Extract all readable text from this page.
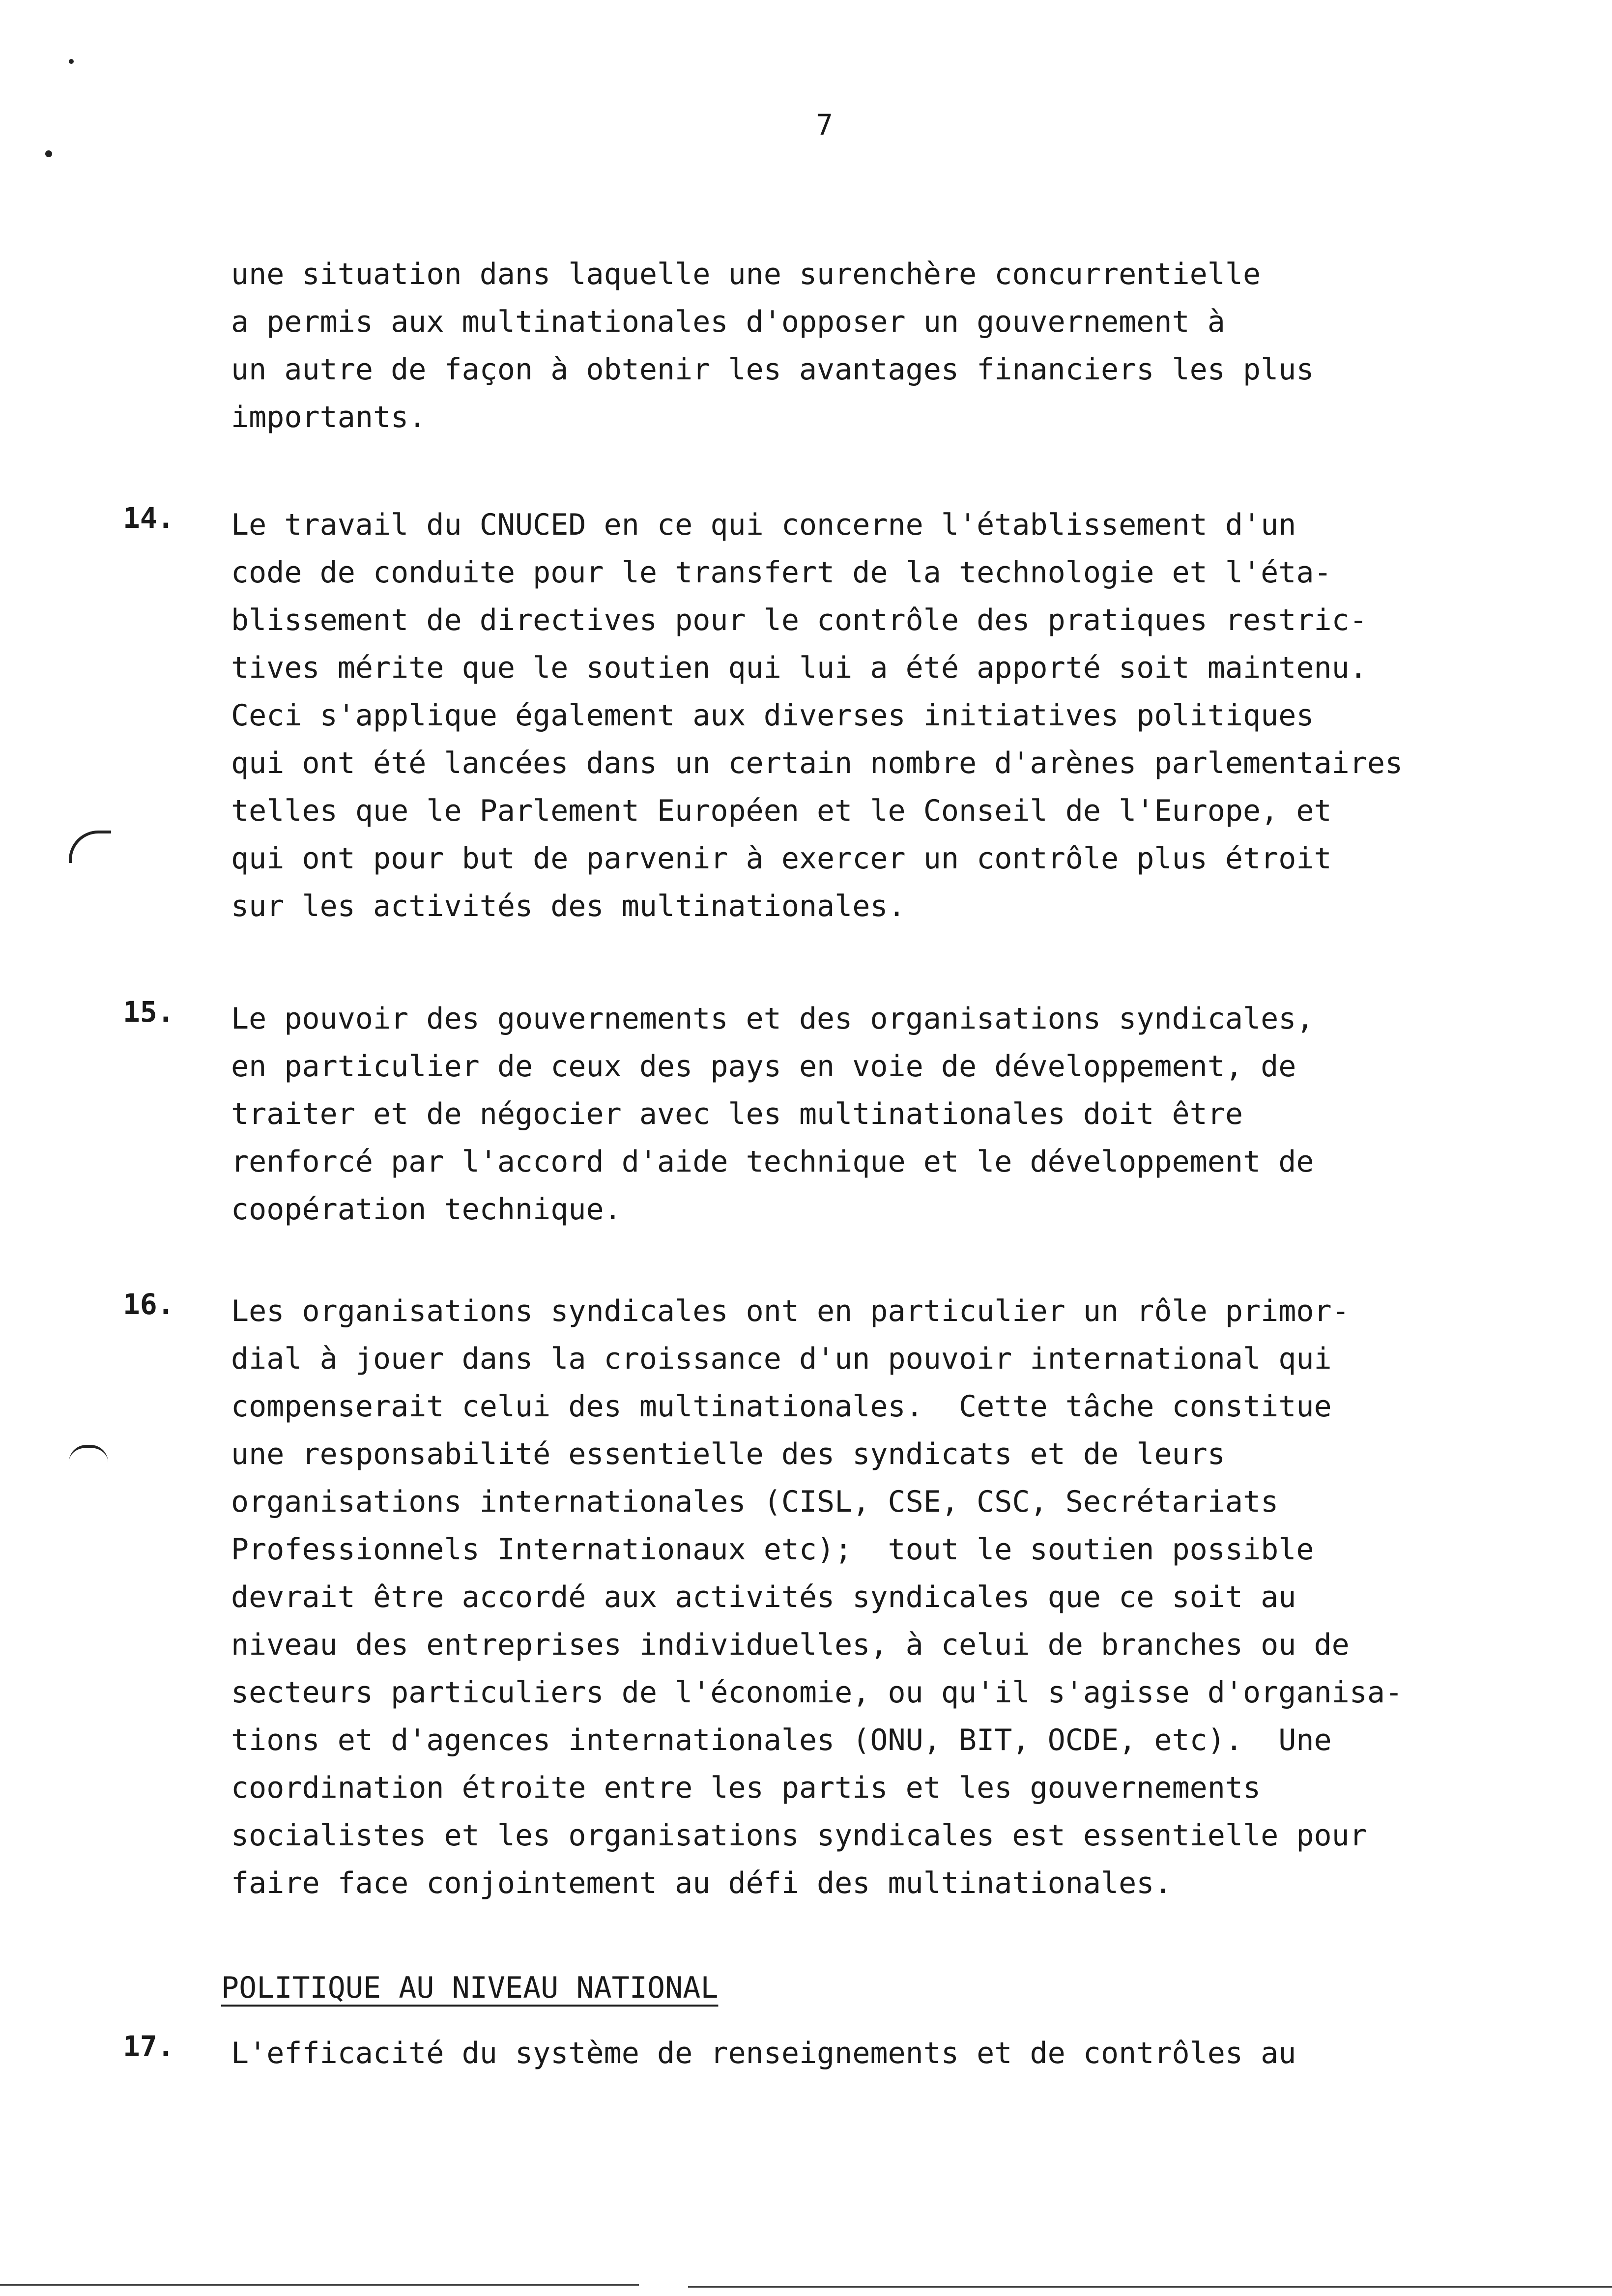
7
une situation dans laquelle une surenchère concurrentielle
a permis aux multinationales d'opposer un gouvernement à
un autre de façon à obtenir les avantages financiers les plus
importants.
14. Le travail du CNUCED en ce qui concerne l'établissement d'un
code de conduite pour le transfert de la technologie et l'éta-
blissement de directives pour le contrôle des pratiques restric-
tives mérite que le soutien qui lui a été apporté soit maintenu.
Ceci s'applique également aux diverses initiatives politiques
qui ont été lancées dans un certain nombre d'arènes parlementaires
telles que le Parlement Européen et le Conseil de l'Europe, et
qui ont pour but de parvenir à exercer un contrôle plus étroit
sur les activités des multinationales.
15. Le pouvoir des gouvernements et des organisations syndicales,
en particulier de ceux des pays en voie de développement, de
traiter et de négocier avec les multinationales doit être
renforcé par l'accord d'aide technique et le développement de
coopération technique.
16. Les organisations syndicales ont en particulier un rôle primor-
dial à jouer dans la croissance d'un pouvoir international qui
compenserait celui des multinationales.  Cette tâche constitue
une responsabilité essentielle des syndicats et de leurs
organisations internationales (CISL, CSE, CSC, Secrétariats
Professionnels Internationaux etc);  tout le soutien possible
devrait être accordé aux activités syndicales que ce soit au
niveau des entreprises individuelles, à celui de branches ou de
secteurs particuliers de l'économie, ou qu'il s'agisse d'organisa-
tions et d'agences internationales (ONU, BIT, OCDE, etc).  Une
coordination étroite entre les partis et les gouvernements
socialistes et les organisations syndicales est essentielle pour
faire face conjointement au défi des multinationales.
POLITIQUE AU NIVEAU NATIONAL
17. L'efficacité du système de renseignements et de contrôles au
